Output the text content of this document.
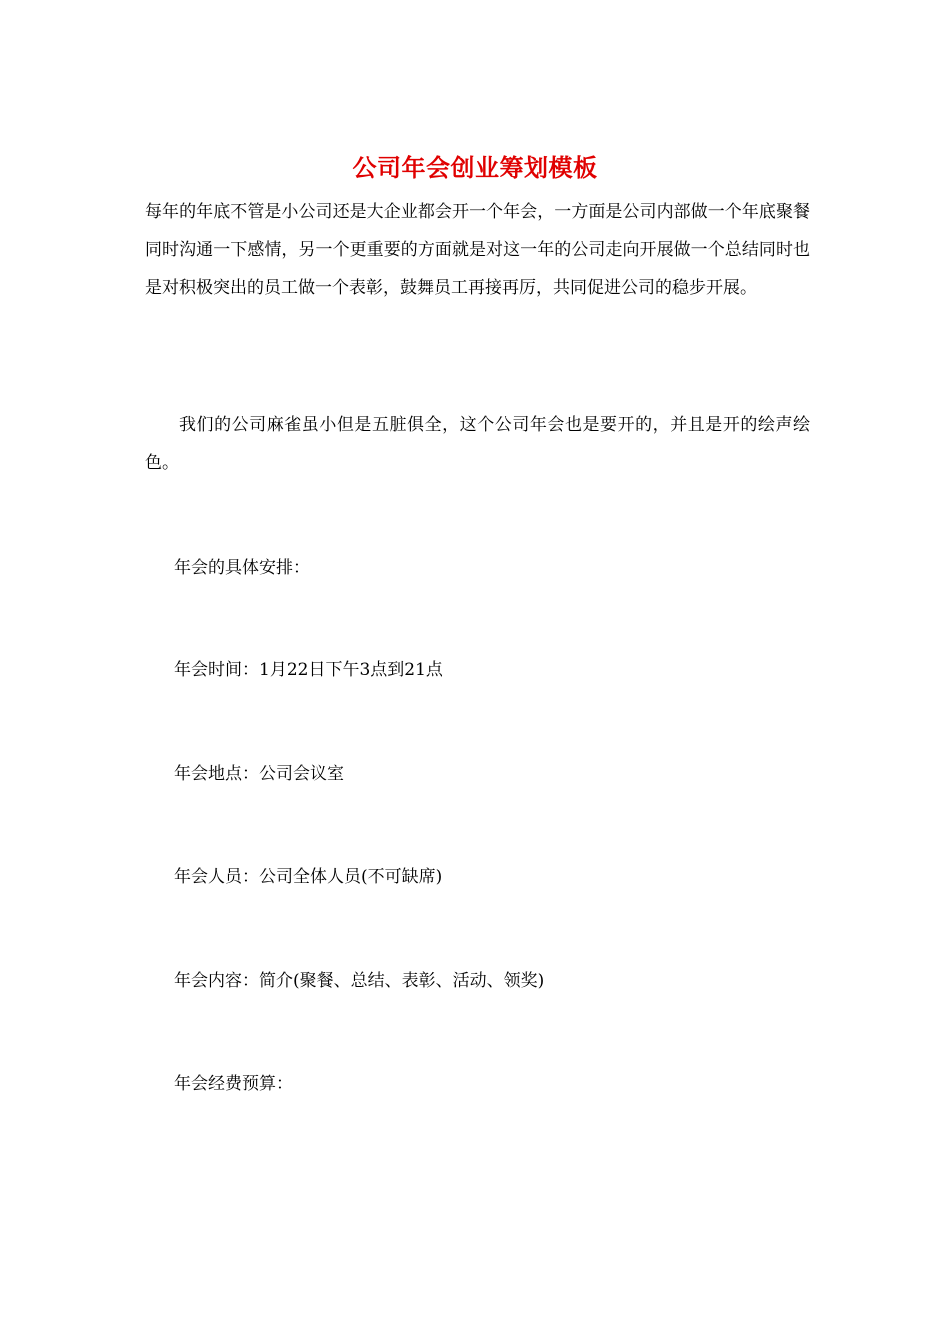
公司年会创业筹划模板

每年的年底不管是小公司还是大企业都会开一个年会，一方面是公司内部做一个年底聚餐同时沟通一下感情，另一个更重要的方面就是对这一年的公司走向开展做一个总结同时也是对积极突出的员工做一个表彰，鼓舞员工再接再厉，共同促进公司的稳步开展。

我们的公司麻雀虽小但是五脏俱全，这个公司年会也是要开的，并且是开的绘声绘色。

年会的具体安排：

年会时间：1月22日下午3点到21点

年会地点：公司会议室

年会人员：公司全体人员(不可缺席)

年会内容：简介(聚餐、总结、表彰、活动、领奖)

年会经费预算：
